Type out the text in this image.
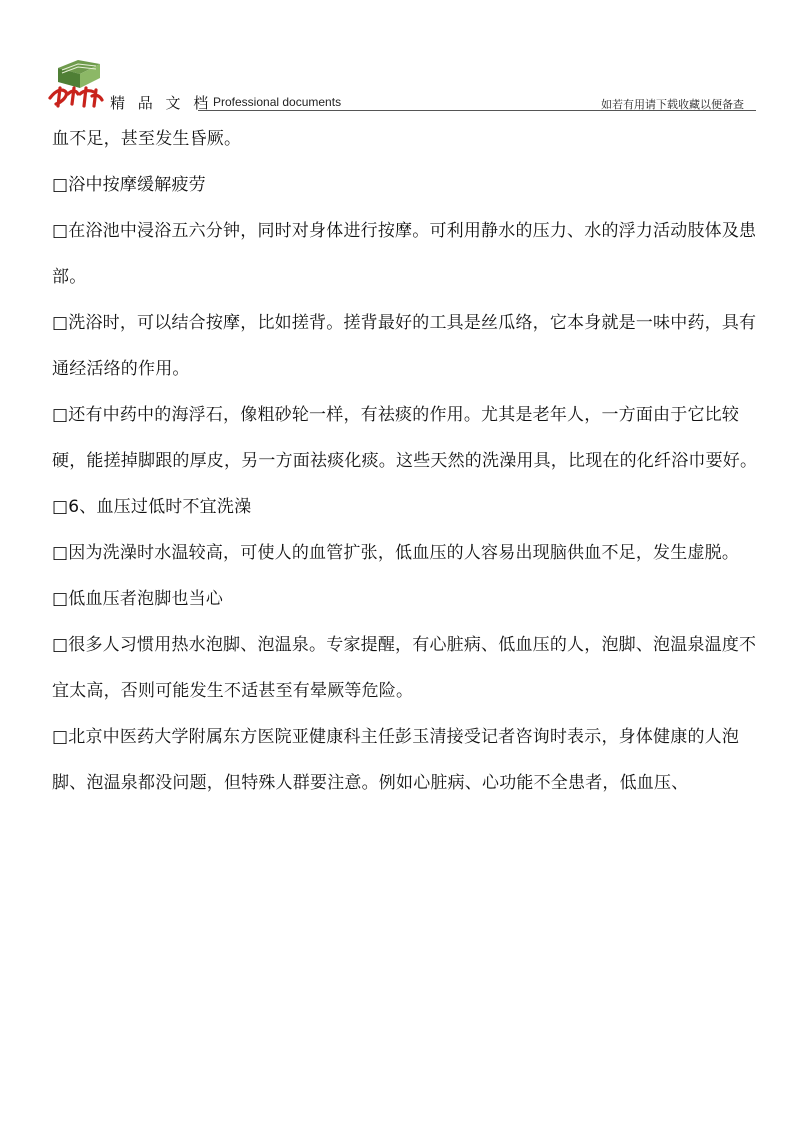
精 品 文 档 Professional documents	如若有用请下载收藏以便备查

血不足，甚至发生昏厥。

□浴中按摩缓解疲劳

□在浴池中浸浴五六分钟，同时对身体进行按摩。可利用静水的压力、水的浮力活动肢体及患部。

□洗浴时，可以结合按摩，比如搓背。搓背最好的工具是丝瓜络，它本身就是一味中药，具有通经活络的作用。

□还有中药中的海浮石，像粗砂轮一样，有祛痰的作用。尤其是老年人，一方面由于它比较硬，能搓掉脚跟的厚皮，另一方面祛痰化痰。这些天然的洗澡用具，比现在的化纤浴巾要好。

□6、血压过低时不宜洗澡

□因为洗澡时水温较高，可使人的血管扩张，低血压的人容易出现脑供血不足，发生虚脱。

□低血压者泡脚也当心

□很多人习惯用热水泡脚、泡温泉。专家提醒，有心脏病、低血压的人，泡脚、泡温泉温度不宜太高，否则可能发生不适甚至有晕厥等危险。

□北京中医药大学附属东方医院亚健康科主任彭玉清接受记者咨询时表示，身体健康的人泡脚、泡温泉都没问题，但特殊人群要注意。例如心脏病、心功能不全患者，低血压、
